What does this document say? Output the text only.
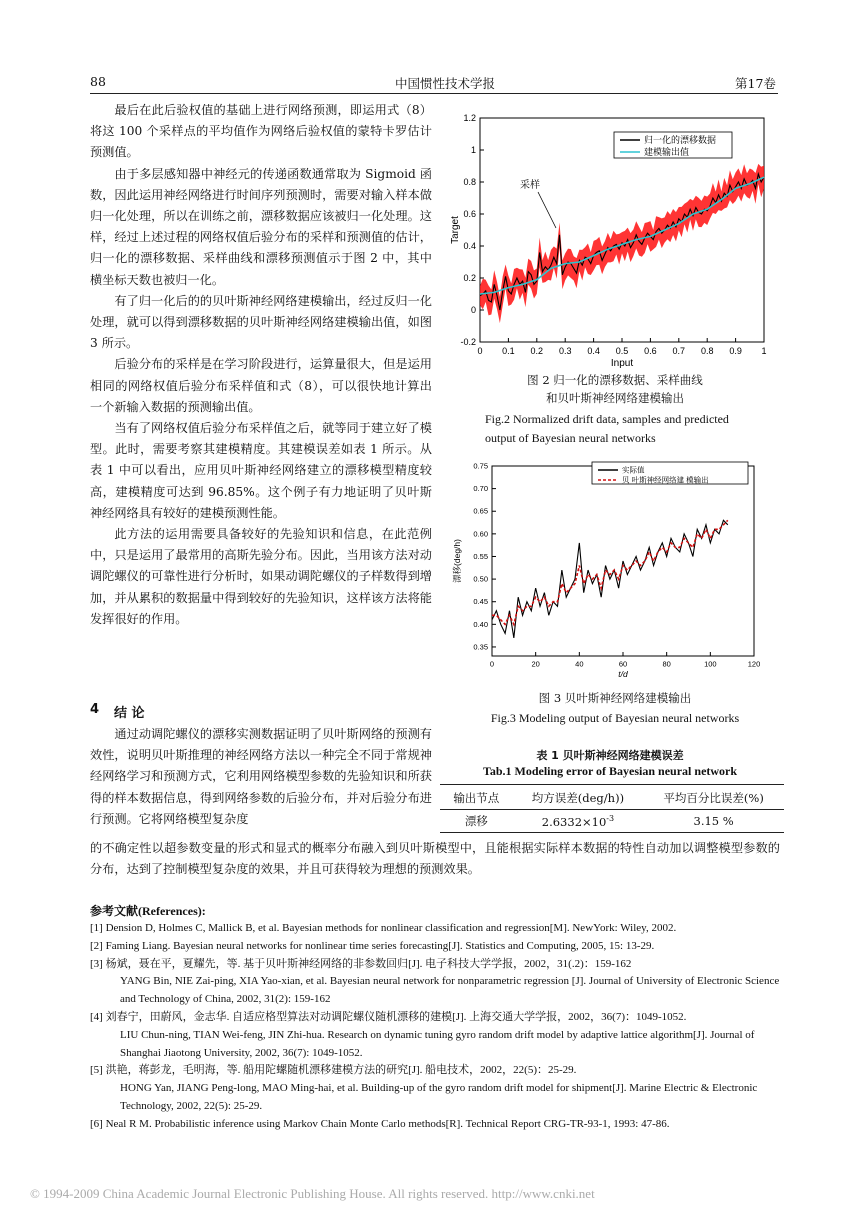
88	中国惯性技术学报	第17卷

最后在此后验权值的基础上进行网络预测，即运用式（8）将这 100 个采样点的平均值作为网络后验权值的蒙特卡罗估计预测值。

由于多层感知器中神经元的传递函数通常取为 Sigmoid 函数，因此运用神经网络进行时间序列预测时，需要对输入样本做归一化处理，所以在训练之前，漂移数据应该被归一化处理。这样，经过上述过程的网络权值后验分布的采样和预测值的估计，归一化的漂移数据、采样曲线和漂移预测值示于图 2 中，其中横坐标天数也被归一化。

有了归一化后的的贝叶斯神经网络建模输出，经过反归一化处理，就可以得到漂移数据的贝叶斯神经网络建模输出值，如图 3 所示。

后验分布的采样是在学习阶段进行，运算量很大，但是运用相同的网络权值后验分布采样值和式（8），可以很快地计算出一个新输入数据的预测输出值。

当有了网络权值后验分布采样值之后，就等同于建立好了模型。此时，需要考察其建模精度。其建模误差如表 1 所示。从表 1 中可以看出，应用贝叶斯神经网络建立的漂移模型精度较高，建模精度可达到 96.85%。这个例子有力地证明了贝叶斯神经网络具有较好的建模预测性能。

此方法的运用需要具备较好的先验知识和信息，在此范例中，只是运用了最常用的高斯先验分布。因此，当用该方法对动调陀螺仪的可靠性进行分析时，如果动调陀螺仪的子样数得到增加，并从累积的数据量中得到较好的先验知识，这样该方法将能发挥很好的作用。

4 结 论

通过动调陀螺仪的漂移实测数据证明了贝叶斯网络的预测有效性，说明贝叶斯推理的神经网络方法以一种完全不同于常规神经网络学习和预测方式，它利用网络模型参数的先验知识和所获得的样本数据信息，得到网络参数的后验分布，并对后验分布进行预测。它将网络模型复杂度

的不确定性以超参数变量的形式和显式的概率分布融入到贝叶斯模型中，且能根据实际样本数据的特性自动加以调整模型参数的分布，达到了控制模型复杂度的效果，并且可获得较为理想的预测效果。
0 0.1 0.2 0.3 0.4 0.5 0.6 0.7 0.8 0.9 1
-0.2
0
0.2
0.4
0.6
0.8
1
1.2
Input
Target
归一化的漂移数据
建模输出值
采样
图 2 归一化的漂移数据、采样曲线
和贝叶斯神经网络建模输出
Fig.2 Normalized drift data, samples and predicted
output of Bayesian neural networks
0	20	40	60	80	100	120
0.35
0.40
0.45
0.50
0.55
0.60
0.65
0.70
0.75
t/d
漂移(deg/h)
实际值
贝 叶斯神经网络建 模输出
图 3 贝叶斯神经网络建模输出
Fig.3 Modeling output of Bayesian neural networks
表 1 贝叶斯神经网络建模误差
Tab.1 Modeling error of Bayesian neural network
输出节点	均方误差(deg/h))	平均百分比误差(%)
漂移	$2.6332\times 10^{-3}$	3.15 %
参考文献(References):
[1] Dension D, Holmes C, Mallick B, et al. Bayesian methods for nonlinear classification and regression[M]. NewYork: Wiley, 2002.
[2] Faming Liang. Bayesian neural networks for nonlinear time series forecasting[J]. Statistics and Computing, 2005, 15: 13-29.
[3] 杨斌，聂在平，夏耀先，等. 基于贝叶斯神经网络的非参数回归[J]. 电子科技大学学报，2002，31(.2)：159-162
YANG Bin, NIE Zai-ping, XIA Yao-xian, et al. Bayesian neural network for nonparametric regression [J]. Journal of University of Electronic Science and Technology of China, 2002, 31(2): 159-162
[4] 刘春宁，田蔚风，金志华. 自适应格型算法对动调陀螺仪随机漂移的建模[J]. 上海交通大学学报，2002，36(7)：1049-1052.
LIU Chun-ning, TIAN Wei-feng, JIN Zhi-hua. Research on dynamic tuning gyro random drift model by adaptive lattice algorithm[J]. Journal of Shanghai Jiaotong University, 2002, 36(7): 1049-1052.
[5] 洪艳，蒋彭龙，毛明海，等. 船用陀螺随机漂移建模方法的研究[J]. 船电技术，2002，22(5)：25-29.
HONG Yan, JIANG Peng-long, MAO Ming-hai, et al. Building-up of the gyro random drift model for shipment[J]. Marine Electric & Electronic Technology, 2002, 22(5): 25-29.
[6] Neal R M. Probabilistic inference using Markov Chain Monte Carlo methods[R]. Technical Report CRG-TR-93-1, 1993: 47-86.
© 1994-2009 China Academic Journal Electronic Publishing House. All rights reserved. http://www.cnki.net
